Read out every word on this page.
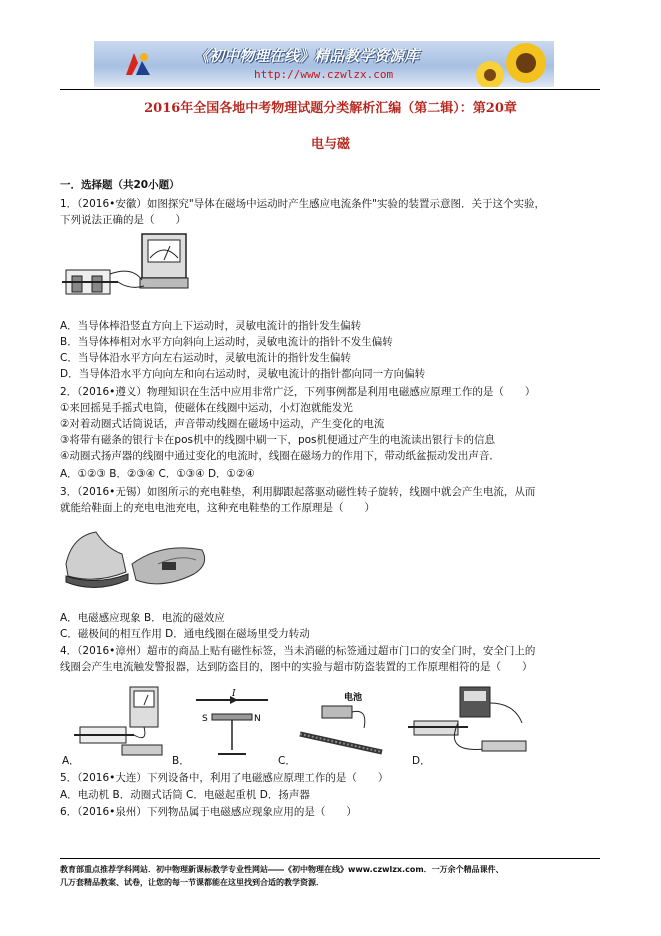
《初中物理在线》精品教学资源库
http://www.czwlzx.com
2016年全国各地中考物理试题分类解析汇编（第二辑）：第20章
电与磁
一．选择题（共20小题）
1．（2016•安徽）如图探究"导体在磁场中运动时产生感应电流条件"实验的装置示意图．关于这个实验，
下列说法正确的是（　　）
A．当导体棒沿竖直方向上下运动时，灵敏电流计的指针发生偏转
B．当导体棒相对水平方向斜向上运动时，灵敏电流计的指针不发生偏转
C．当导体沿水平方向左右运动时，灵敏电流计的指针发生偏转
D．当导体沿水平方向向左和向右运动时，灵敏电流计的指针都向同一方向偏转
2．（2016•遵义）物理知识在生活中应用非常广泛，下列事例都是利用电磁感应原理工作的是（　　）
①来回摇晃手摇式电筒，使磁体在线圈中运动，小灯泡就能发光
②对着动圈式话筒说话，声音带动线圈在磁场中运动，产生变化的电流
③将带有磁条的银行卡在pos机中的线圈中刷一下，pos机便通过产生的电流读出银行卡的信息
④动圈式扬声器的线圈中通过变化的电流时，线圈在磁场力的作用下，带动纸盆振动发出声音．
A．①②③ B．②③④ C．①③④ D．①②④
3．（2016•无锡）如图所示的充电鞋垫，利用脚跟起落驱动磁性转子旋转，线圈中就会产生电流，从而
就能给鞋面上的充电电池充电，这种充电鞋垫的工作原理是（　　）
A．电磁感应现象 B．电流的磁效应
C．磁极间的相互作用 D．通电线圈在磁场里受力转动
4．（2016•漳州）超市的商品上贴有磁性标签，当未消磁的标签通过超市门口的安全门时，安全门上的
线圈会产生电流触发警报器，达到防盗目的，图中的实验与超市防盗装置的工作原理相符的是（　　）
A．
I
S	N
B．
电池
C．	D．
5．（2016•大连）下列设备中，利用了电磁感应原理工作的是（　　）
A．电动机 B．动圈式话筒 C．电磁起重机 D．扬声器
6．（2016•泉州）下列物品属于电磁感应现象应用的是（　　）
教育部重点推荐学科网站．初中物理新课标教学专业性网站――《初中物理在线》www.czwlzx.com．一万余个精品课件、
几万套精品教案、试卷，让您的每一节课都能在这里找到合适的教学资源．
